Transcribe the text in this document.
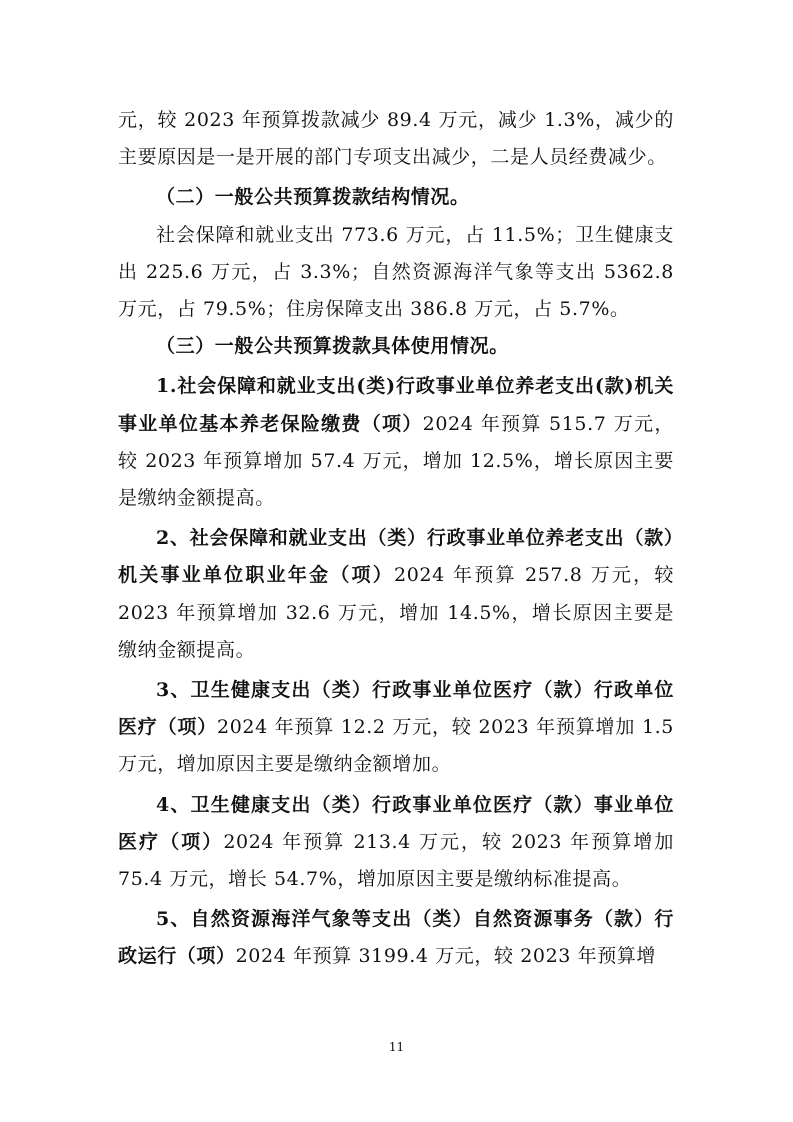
元，较 2023 年预算拨款减少 89.4 万元，减少 1.3%，减少的主要原因是一是开展的部门专项支出减少，二是人员经费减少。

（二）一般公共预算拨款结构情况。

社会保障和就业支出 773.6 万元，占 11.5%；卫生健康支出 225.6 万元，占 3.3%；自然资源海洋气象等支出 5362.8 万元，占 79.5%；住房保障支出 386.8 万元，占 5.7%。

（三）一般公共预算拨款具体使用情况。

1.社会保障和就业支出(类)行政事业单位养老支出(款)机关事业单位基本养老保险缴费（项）2024 年预算 515.7 万元，较 2023 年预算增加 57.4 万元，增加 12.5%，增长原因主要是缴纳金额提高。

2、社会保障和就业支出（类）行政事业单位养老支出（款）机关事业单位职业年金（项）2024 年预算 257.8 万元，较 2023 年预算增加 32.6 万元，增加 14.5%，增长原因主要是缴纳金额提高。

3、卫生健康支出（类）行政事业单位医疗（款）行政单位医疗（项）2024 年预算 12.2 万元，较 2023 年预算增加 1.5 万元，增加原因主要是缴纳金额增加。

4、卫生健康支出（类）行政事业单位医疗（款）事业单位医疗（项）2024 年预算 213.4 万元，较 2023 年预算增加 75.4 万元，增长 54.7%，增加原因主要是缴纳标准提高。

5、自然资源海洋气象等支出（类）自然资源事务（款）行政运行（项）2024 年预算 3199.4 万元，较 2023 年预算增

11
